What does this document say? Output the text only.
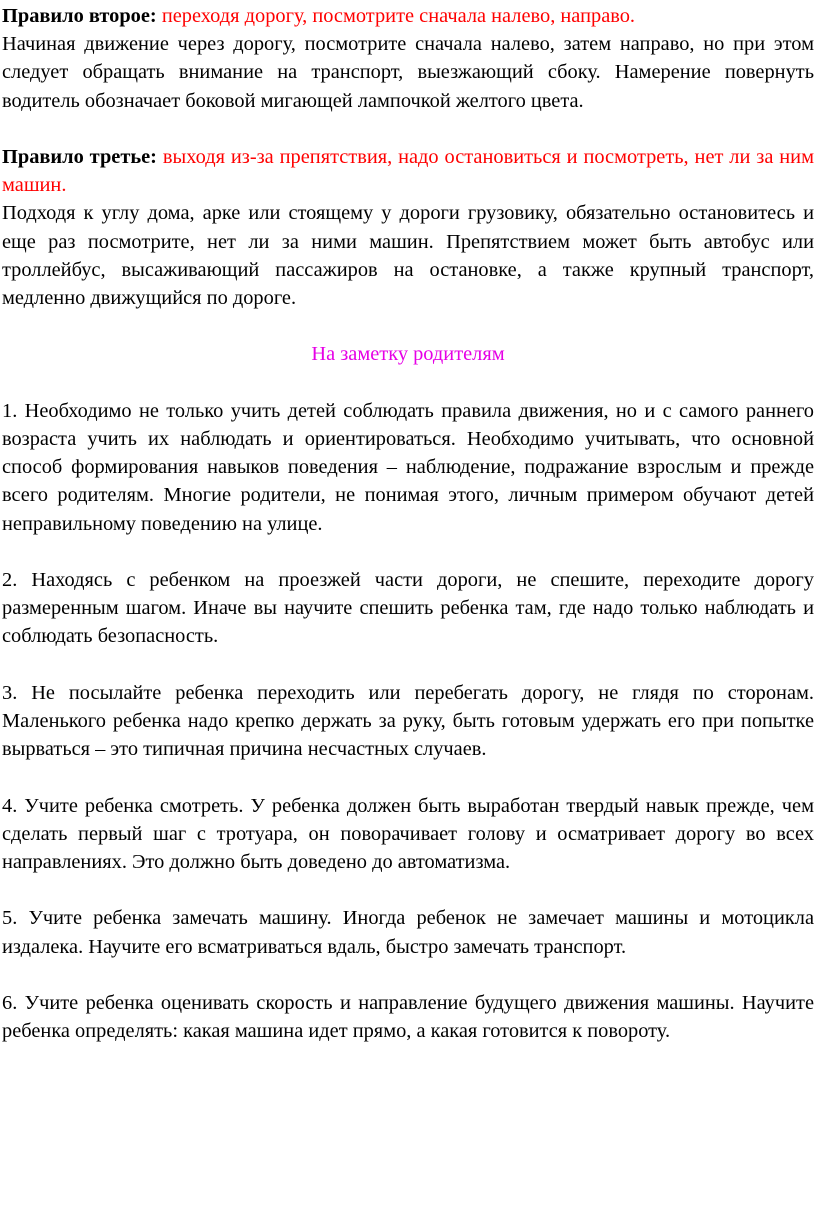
Правило второе: переходя дорогу, посмотрите сначала налево, направо.

Начиная движение через дорогу, посмотрите сначала налево, затем направо, но при этом следует обращать внимание на транспорт, выезжающий сбоку. Намерение повернуть водитель обозначает боковой мигающей лампочкой желтого цвета.

Правило третье: выходя из-за препятствия, надо остановиться и посмотреть, нет ли за ним машин.

Подходя к углу дома, арке или стоящему у дороги грузовику, обязательно остановитесь и еще раз посмотрите, нет ли за ними машин. Препятствием может быть автобус или троллейбус, высаживающий пассажиров на остановке, а также крупный транспорт, медленно движущийся по дороге.

На заметку родителям

1. Необходимо не только учить детей соблюдать правила движения, но и с самого раннего возраста учить их наблюдать и ориентироваться. Необходимо учитывать, что основной способ формирования навыков поведения – наблюдение, подражание взрослым и прежде всего родителям. Многие родители, не понимая этого, личным примером обучают детей неправильному поведению на улице.

2. Находясь с ребенком на проезжей части дороги, не спешите, переходите дорогу размеренным шагом. Иначе вы научите спешить ребенка там, где надо только наблюдать и соблюдать безопасность.

3. Не посылайте ребенка переходить или перебегать дорогу, не глядя по сторонам. Маленького ребенка надо крепко держать за руку, быть готовым удержать его при попытке вырваться – это типичная причина несчастных случаев.

4. Учите ребенка смотреть. У ребенка должен быть выработан твердый навык прежде, чем сделать первый шаг с тротуара, он поворачивает голову и осматривает дорогу во всех направлениях. Это должно быть доведено до автоматизма.

5. Учите ребенка замечать машину. Иногда ребенок не замечает машины и мотоцикла издалека. Научите его всматриваться вдаль, быстро замечать транспорт.

6. Учите ребенка оценивать скорость и направление будущего движения машины. Научите ребенка определять: какая машина идет прямо, а какая готовится к повороту.
